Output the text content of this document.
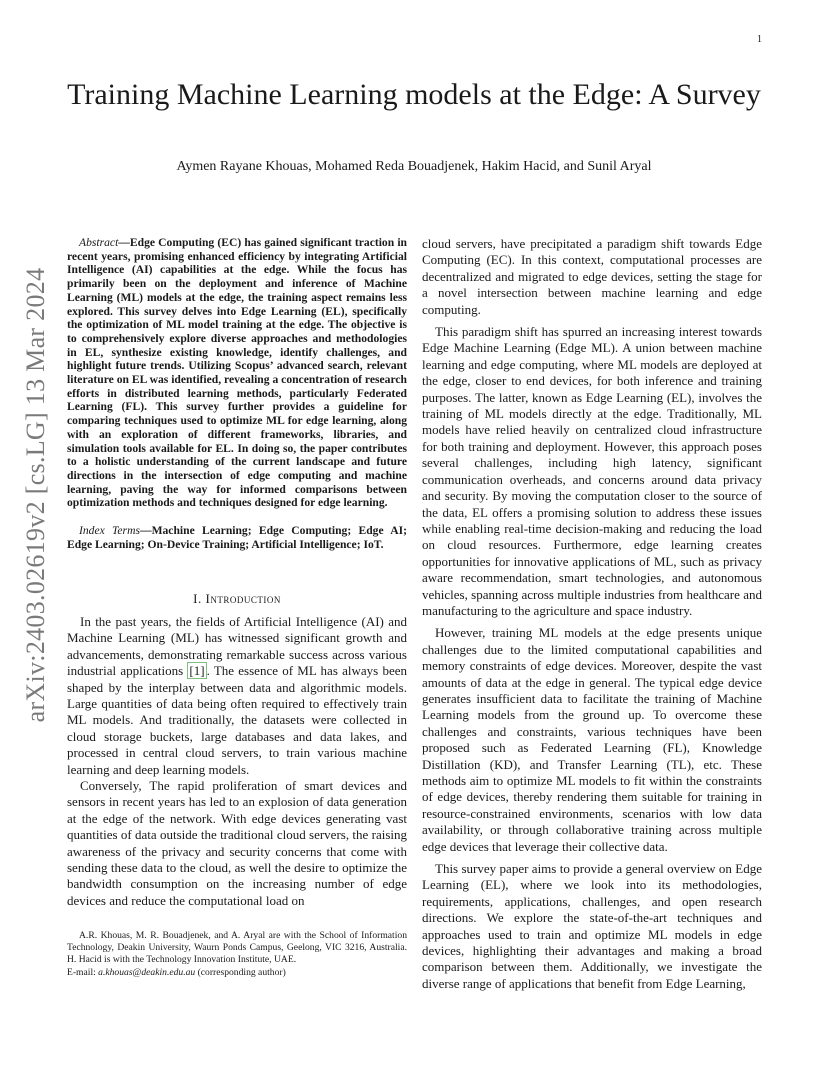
1
arXiv:2403.02619v2 [cs.LG] 13 Mar 2024
Training Machine Learning models at the Edge: A Survey
Aymen Rayane Khouas, Mohamed Reda Bouadjenek, Hakim Hacid, and Sunil Aryal

Abstract—Edge Computing (EC) has gained significant traction in recent years, promising enhanced efficiency by integrating Artificial Intelligence (AI) capabilities at the edge. While the focus has primarily been on the deployment and inference of Machine Learning (ML) models at the edge, the training aspect remains less explored. This survey delves into Edge Learning (EL), specifically the optimization of ML model training at the edge. The objective is to comprehensively explore diverse approaches and methodologies in EL, synthesize existing knowledge, identify challenges, and highlight future trends. Utilizing Scopus’ advanced search, relevant literature on EL was identified, revealing a concentration of research efforts in distributed learning methods, particularly Federated Learning (FL). This survey further provides a guideline for comparing techniques used to optimize ML for edge learning, along with an exploration of different frameworks, libraries, and simulation tools available for EL. In doing so, the paper contributes to a holistic understanding of the current landscape and future directions in the intersection of edge computing and machine learning, paving the way for informed comparisons between optimization methods and techniques designed for edge learning.

Index Terms—Machine Learning; Edge Computing; Edge AI; Edge Learning; On-Device Training; Artificial Intelligence; IoT.

I. Introduction

In the past years, the fields of Artificial Intelligence (AI) and Machine Learning (ML) has witnessed significant growth and advancements, demonstrating remarkable success across various industrial applications [1] . The essence of ML has always been shaped by the interplay between data and algorithmic models. Large quantities of data being often required to effectively train ML models. And traditionally, the datasets were collected in cloud storage buckets, large databases and data lakes, and processed in central cloud servers, to train various machine learning and deep learning models.

Conversely, The rapid proliferation of smart devices and sensors in recent years has led to an explosion of data generation at the edge of the network. With edge devices generating vast quantities of data outside the traditional cloud servers, the raising awareness of the privacy and security concerns that come with sending these data to the cloud, as well the desire to optimize the bandwidth consumption on the increasing number of edge devices and reduce the computational load on

cloud servers, have precipitated a paradigm shift towards Edge Computing (EC). In this context, computational processes are decentralized and migrated to edge devices, setting the stage for a novel intersection between machine learning and edge computing.

This paradigm shift has spurred an increasing interest towards Edge Machine Learning (Edge ML). A union between machine learning and edge computing, where ML models are deployed at the edge, closer to end devices, for both inference and training purposes. The latter, known as Edge Learning (EL), involves the training of ML models directly at the edge. Traditionally, ML models have relied heavily on centralized cloud infrastructure for both training and deployment. However, this approach poses several challenges, including high latency, significant communication overheads, and concerns around data privacy and security. By moving the computation closer to the source of the data, EL offers a promising solution to address these issues while enabling real-time decision-making and reducing the load on cloud resources. Furthermore, edge learning creates opportunities for innovative applications of ML, such as privacy aware recommendation, smart technologies, and autonomous vehicles, spanning across multiple industries from healthcare and manufacturing to the agriculture and space industry.

However, training ML models at the edge presents unique challenges due to the limited computational capabilities and memory constraints of edge devices. Moreover, despite the vast amounts of data at the edge in general. The typical edge device generates insufficient data to facilitate the training of Machine Learning models from the ground up. To overcome these challenges and constraints, various techniques have been proposed such as Federated Learning (FL), Knowledge Distillation (KD), and Transfer Learning (TL), etc. These methods aim to optimize ML models to fit within the constraints of edge devices, thereby rendering them suitable for training in resource-constrained environments, scenarios with low data availability, or through collaborative training across multiple edge devices that leverage their collective data.

This survey paper aims to provide a general overview on Edge Learning (EL), where we look into its methodologies, requirements, applications, challenges, and open research directions. We explore the state-of-the-art techniques and approaches used to train and optimize ML models in edge devices, highlighting their advantages and making a broad comparison between them. Additionally, we investigate the diverse range of applications that benefit from Edge Learning,

A.R. Khouas, M. R. Bouadjenek, and A. Aryal are with the School of Information Technology, Deakin University, Waurn Ponds Campus, Geelong, VIC 3216, Australia. H. Hacid is with the Technology Innovation Institute, UAE.

E-mail: a.khouas@deakin.edu.au (corresponding author)
